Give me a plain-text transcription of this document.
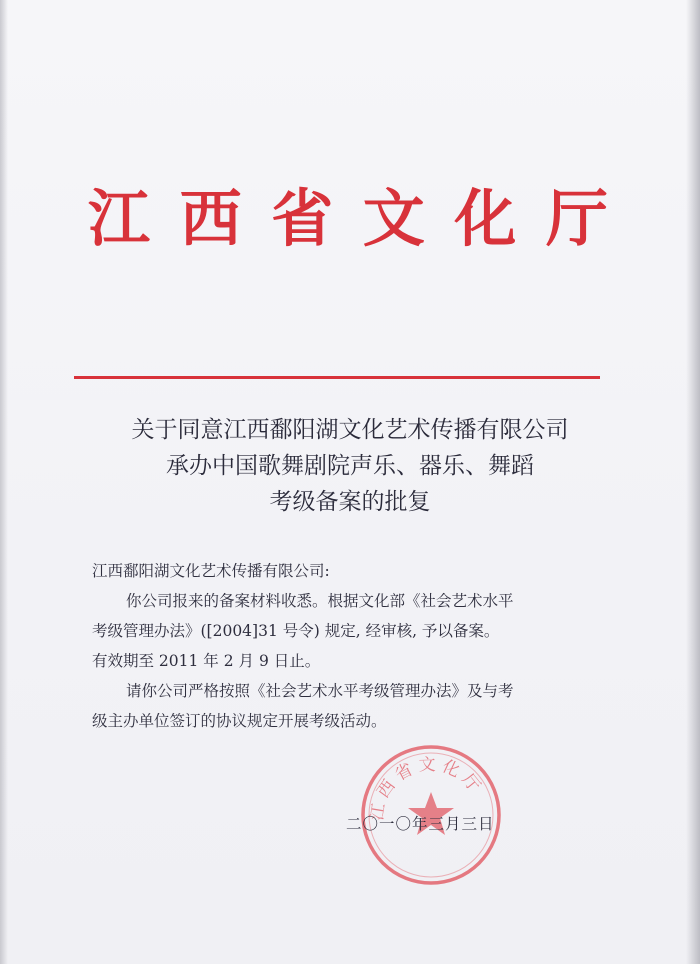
江 西 省 文 化 厅
关于同意江西鄱阳湖文化艺术传播有限公司
承办中国歌舞剧院声乐、器乐、舞蹈
考级备案的批复

江西鄱阳湖文化艺术传播有限公司:

你公司报来的备案材料收悉。根据文化部《社会艺术水平

考级管理办法》([2004]31 号令) 规定, 经审核, 予以备案。

有效期至 2011 年 2 月 9 日止。

请你公司严格按照《社会艺术水平考级管理办法》及与考

级主办单位签订的协议规定开展考级活动。

江西省文化厅
二〇一〇年三月三日
